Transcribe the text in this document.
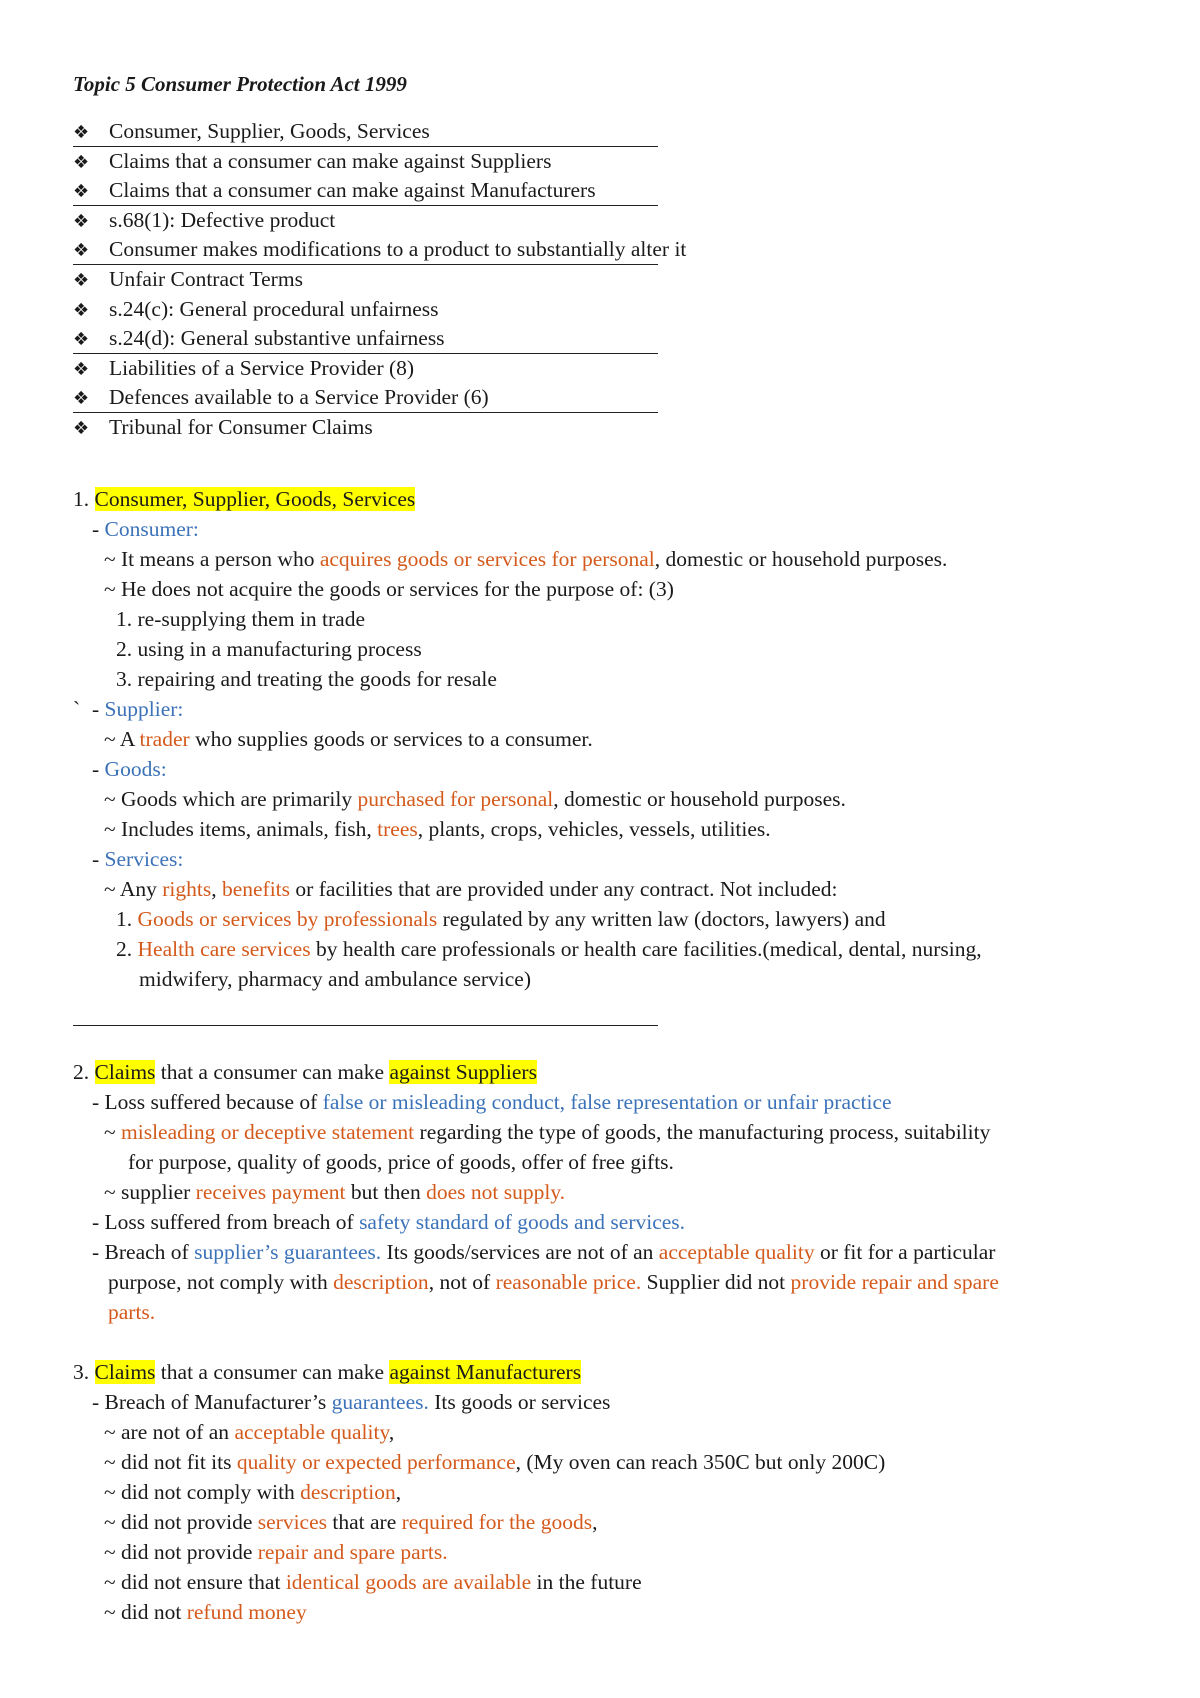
Topic 5 Consumer Protection Act 1999
❖ Consumer, Supplier, Goods, Services
❖ Claims that a consumer can make against Suppliers
❖ Claims that a consumer can make against Manufacturers
❖ s.68(1): Defective product
❖ Consumer makes modifications to a product to substantially alter it
❖ Unfair Contract Terms
❖ s.24(c): General procedural unfairness
❖ s.24(d): General substantive unfairness
❖ Liabilities of a Service Provider (8)
❖ Defences available to a Service Provider (6)
❖ Tribunal for Consumer Claims
1. Consumer, Supplier, Goods, Services
- Consumer:
~ It means a person who acquires goods or services for personal, domestic or household purposes.
~ He does not acquire the goods or services for the purpose of: (3)
1. re-supplying them in trade
2. using in a manufacturing process
3. repairing and treating the goods for resale
` - Supplier:
~ A trader who supplies goods or services to a consumer.
- Goods:
~ Goods which are primarily purchased for personal, domestic or household purposes.
~ Includes items, animals, fish, trees, plants, crops, vehicles, vessels, utilities.
- Services:
~ Any rights, benefits or facilities that are provided under any contract. Not included:
1. Goods or services by professionals regulated by any written law (doctors, lawyers) and
2. Health care services by health care professionals or health care facilities.(medical, dental, nursing,
midwifery, pharmacy and ambulance service)
2. Claims that a consumer can make against Suppliers
- Loss suffered because of false or misleading conduct, false representation or unfair practice
~ misleading or deceptive statement regarding the type of goods, the manufacturing process, suitability
for purpose, quality of goods, price of goods, offer of free gifts.
~ supplier receives payment but then does not supply.
- Loss suffered from breach of safety standard of goods and services.
- Breach of supplier’s guarantees. Its goods/services are not of an acceptable quality or fit for a particular
purpose, not comply with description, not of reasonable price. Supplier did not provide repair and spare
parts.
3. Claims that a consumer can make against Manufacturers
- Breach of Manufacturer’s guarantees. Its goods or services
~ are not of an acceptable quality,
~ did not fit its quality or expected performance, (My oven can reach 350C but only 200C)
~ did not comply with description,
~ did not provide services that are required for the goods,
~ did not provide repair and spare parts.
~ did not ensure that identical goods are available in the future
~ did not refund money
